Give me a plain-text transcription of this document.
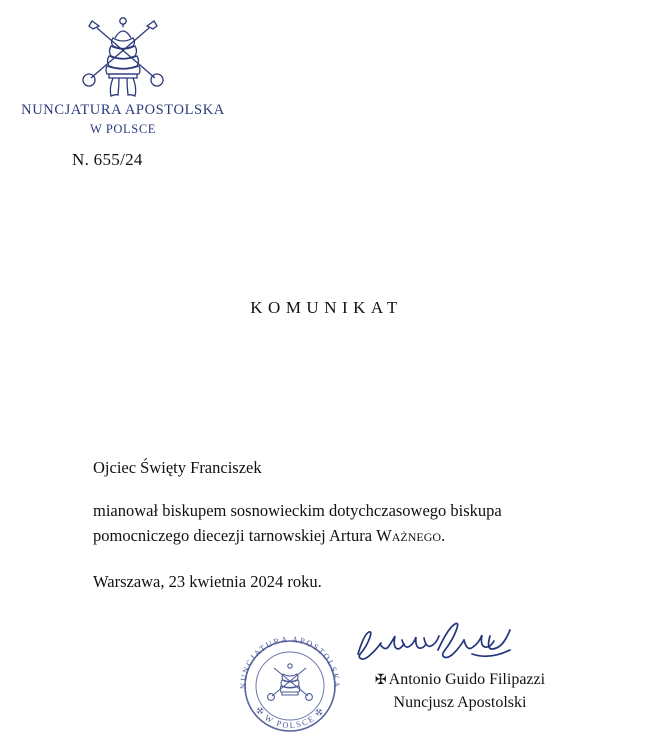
NUNCJATURA APOSTOLSKA
W POLSCE
N. 655/24
KOMUNIKAT

Ojciec Święty Franciszek

mianował biskupem sosnowieckim dotychczasowego biskupa pomocniczego diecezji tarnowskiej Artura Ważnego.

Warszawa, 23 kwietnia 2024 roku.

NUNCJATURA APOSTOLSKA
✠ W POLSCE ✠
✠ Antonio Guido Filipazzi
Nuncjusz Apostolski
